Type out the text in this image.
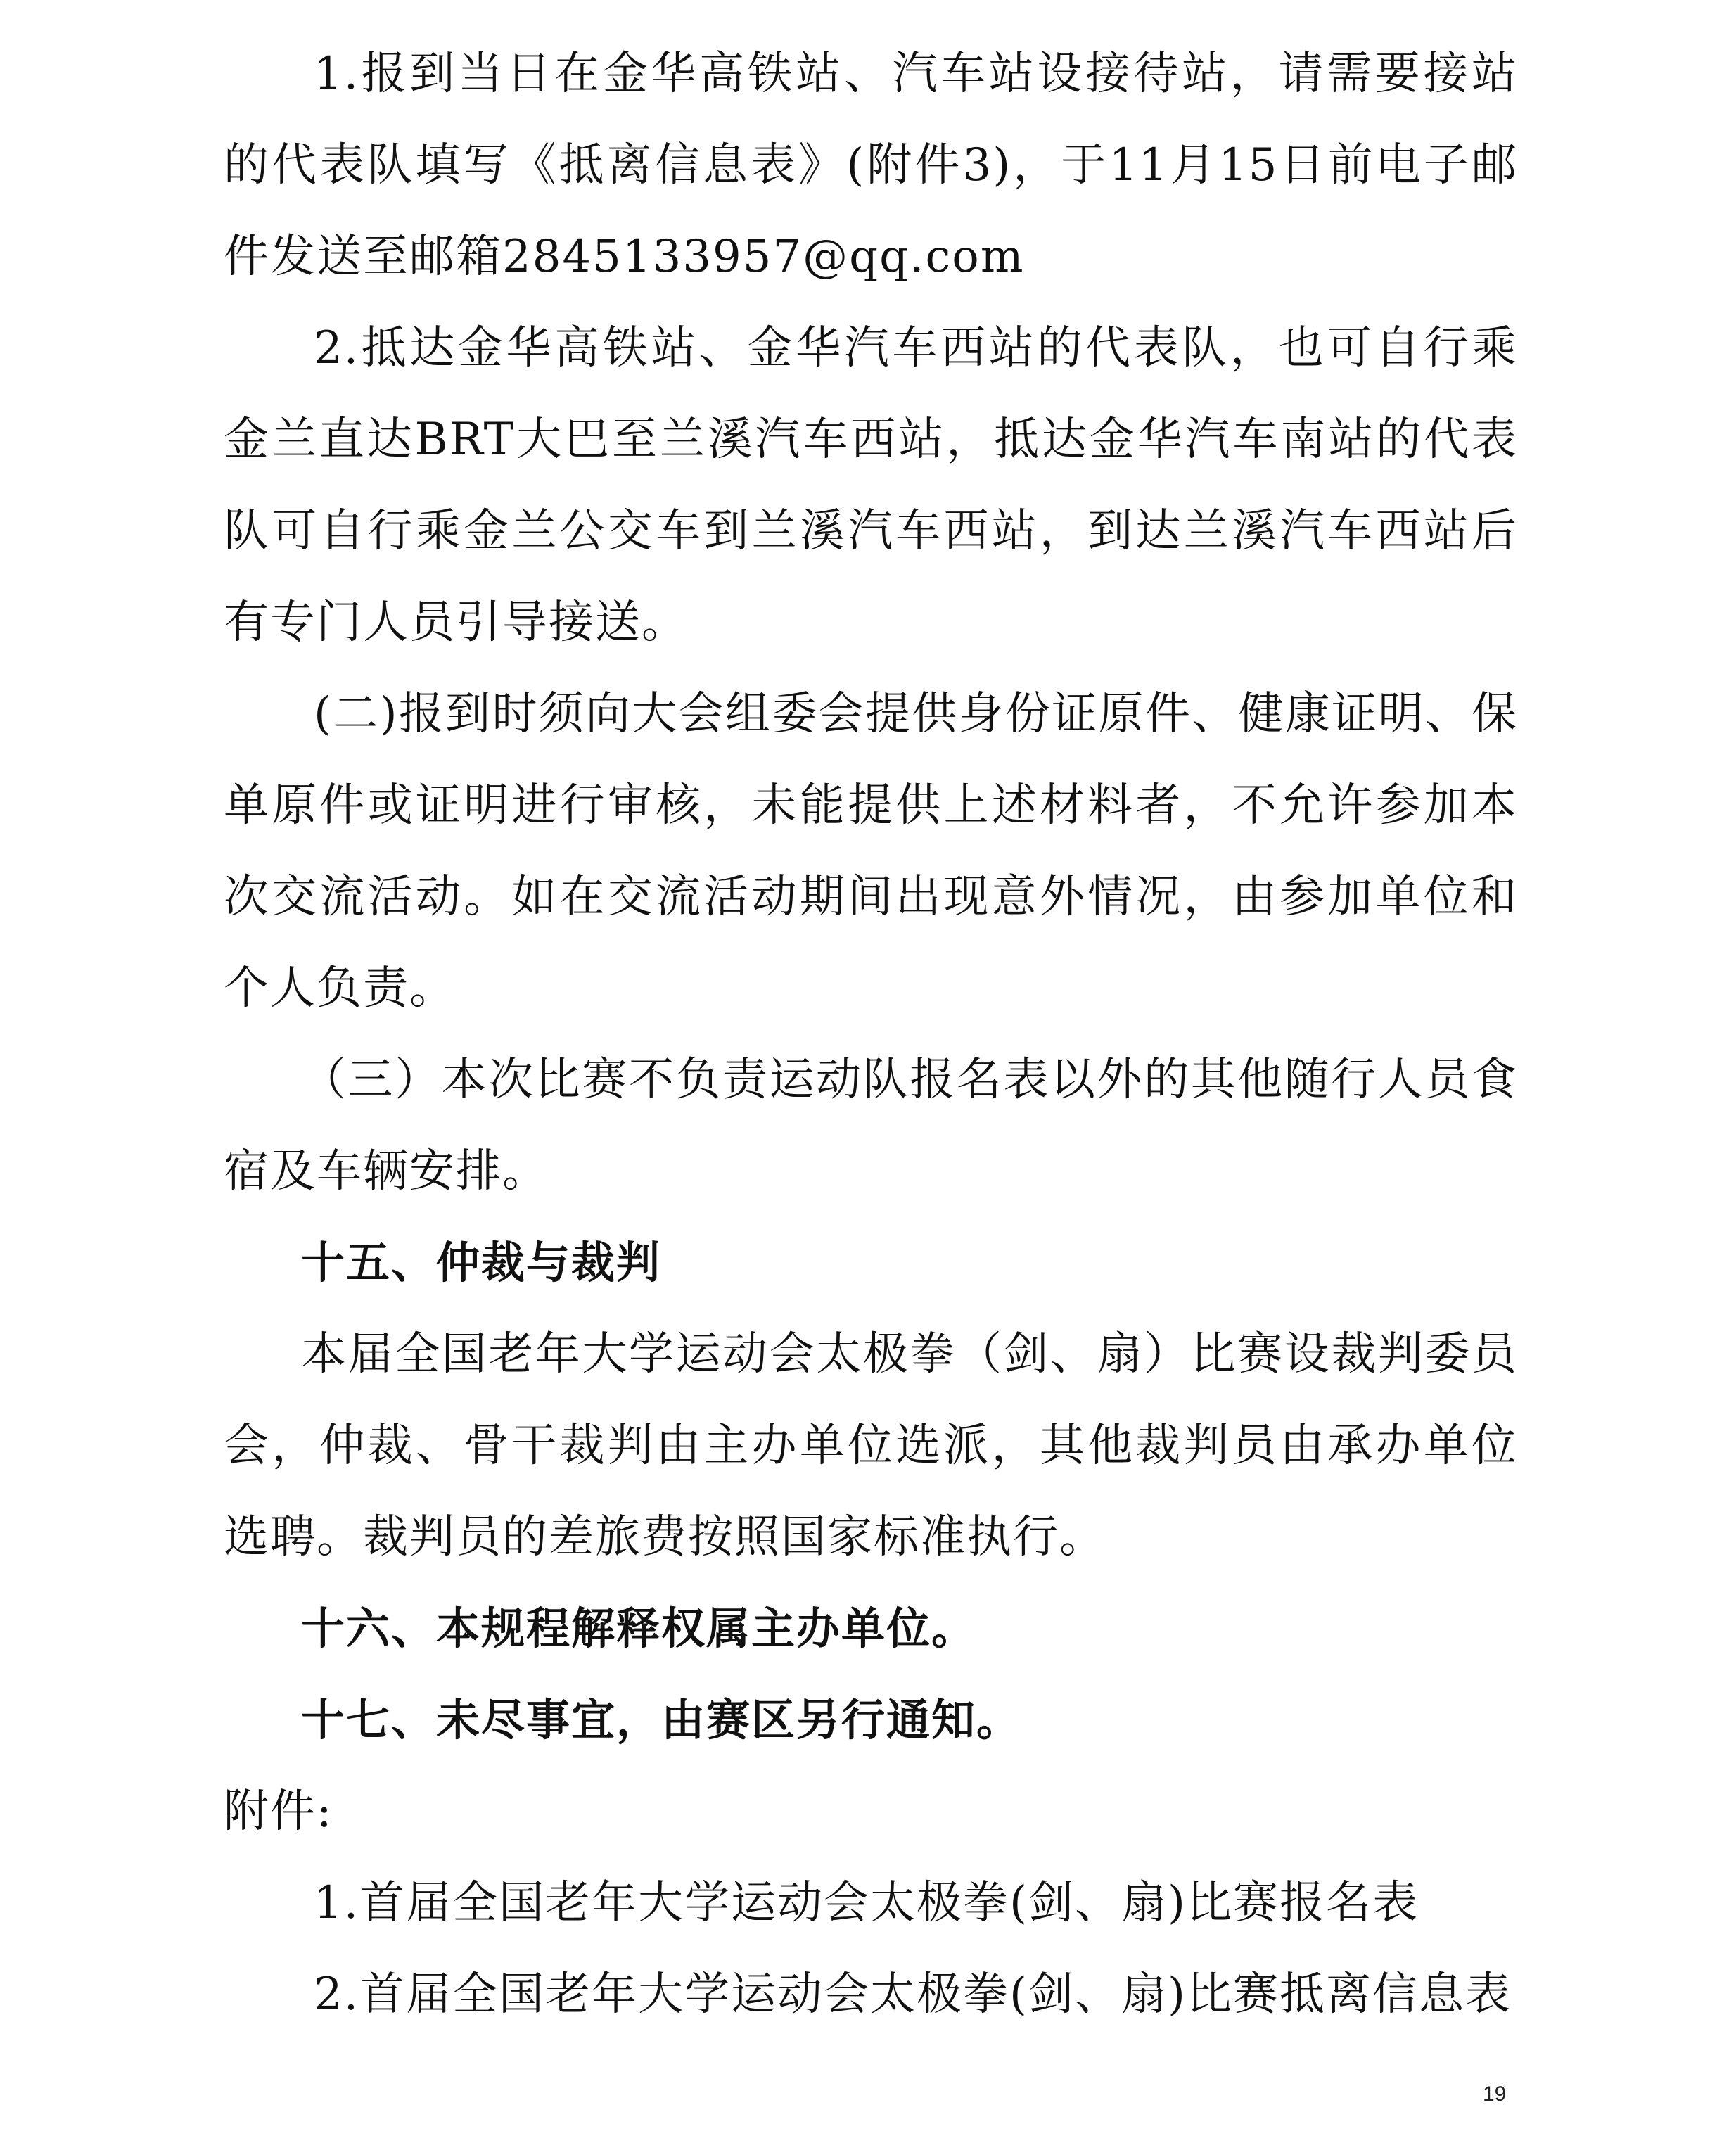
1.报到当日在金华高铁站、汽车站设接待站，请需要接站的代表队填写《抵离信息表》(附件3)，于11月15日前电子邮件发送至邮箱2845133957@qq.com

2.抵达金华高铁站、金华汽车西站的代表队，也可自行乘金兰直达BRT大巴至兰溪汽车西站，抵达金华汽车南站的代表队可自行乘金兰公交车到兰溪汽车西站，到达兰溪汽车西站后有专门人员引导接送。

(二)报到时须向大会组委会提供身份证原件、健康证明、保单原件或证明进行审核，未能提供上述材料者，不允许参加本次交流活动。如在交流活动期间出现意外情况，由参加单位和个人负责。

（三）本次比赛不负责运动队报名表以外的其他随行人员食宿及车辆安排。

十五、仲裁与裁判

本届全国老年大学运动会太极拳（剑、扇）比赛设裁判委员会，仲裁、骨干裁判由主办单位选派，其他裁判员由承办单位选聘。裁判员的差旅费按照国家标准执行。

十六、本规程解释权属主办单位。

十七、未尽事宜，由赛区另行通知。

附件:

1.首届全国老年大学运动会太极拳(剑、扇)比赛报名表

2.首届全国老年大学运动会太极拳(剑、扇)比赛抵离信息表

19
